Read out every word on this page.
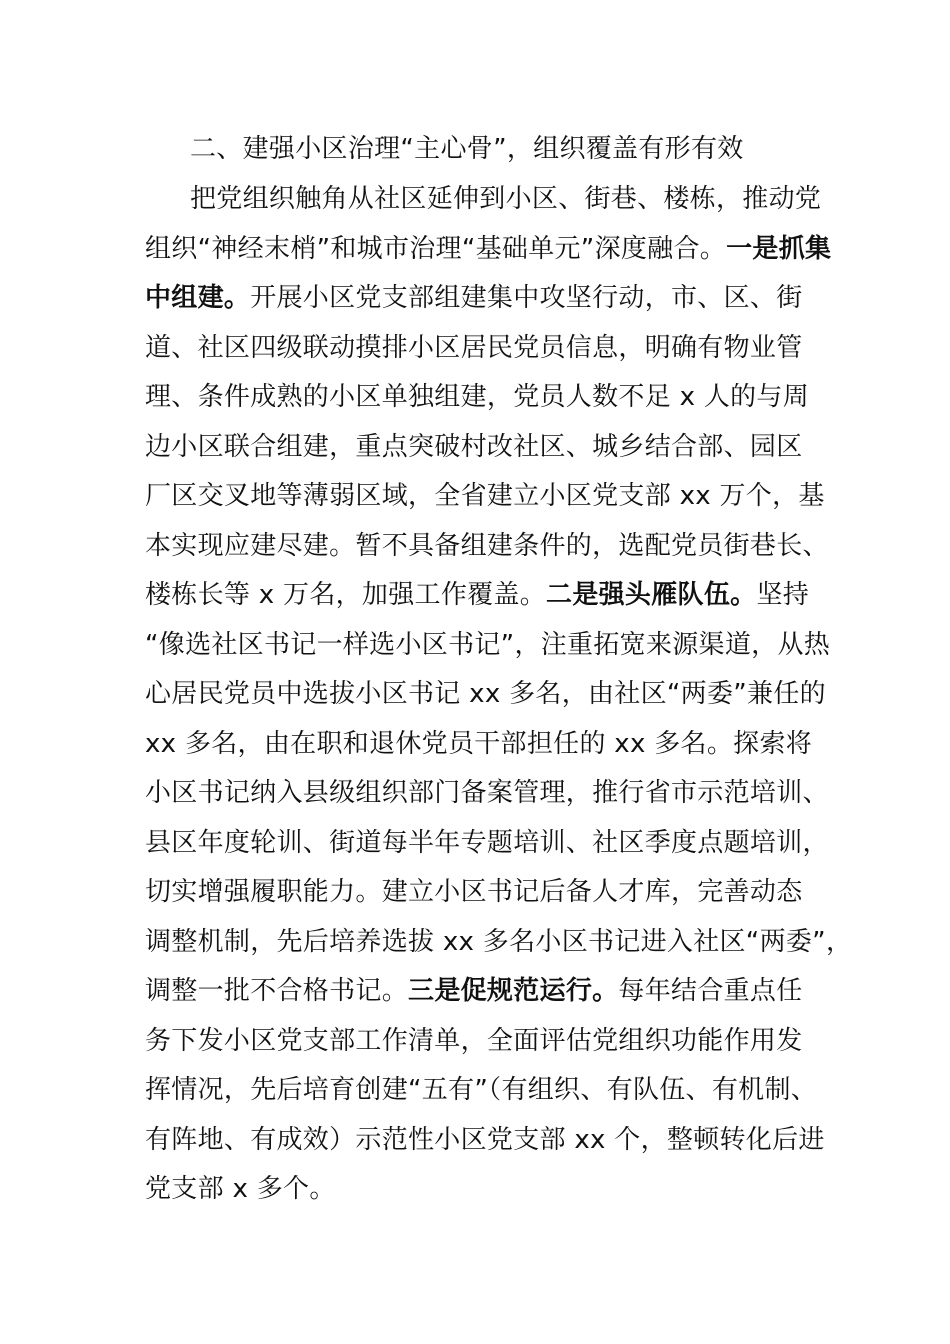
二、建强小区治理“主心骨”，组织覆盖有形有效
把党组织触角从社区延伸到小区、街巷、楼栋，推动党
组织“神经末梢”和城市治理“基础单元”深度融合。一是抓集
中组建。开展小区党支部组建集中攻坚行动，市、区、街
道、社区四级联动摸排小区居民党员信息，明确有物业管
理、条件成熟的小区单独组建，党员人数不足 x 人的与周
边小区联合组建，重点突破村改社区、城乡结合部、园区
厂区交叉地等薄弱区域，全省建立小区党支部 xx 万个，基
本实现应建尽建。暂不具备组建条件的，选配党员街巷长、
楼栋长等 x 万名，加强工作覆盖。二是强头雁队伍。坚持
“像选社区书记一样选小区书记”，注重拓宽来源渠道，从热
心居民党员中选拔小区书记 xx 多名，由社区“两委”兼任的
xx 多名，由在职和退休党员干部担任的 xx 多名。探索将
小区书记纳入县级组织部门备案管理，推行省市示范培训、
县区年度轮训、街道每半年专题培训、社区季度点题培训，
切实增强履职能力。建立小区书记后备人才库，完善动态
调整机制，先后培养选拔 xx 多名小区书记进入社区“两委”，
调整一批不合格书记。三是促规范运行。每年结合重点任
务下发小区党支部工作清单，全面评估党组织功能作用发
挥情况，先后培育创建“五有”（有组织、有队伍、有机制、
有阵地、有成效）示范性小区党支部 xx 个，整顿转化后进
党支部 x 多个。
